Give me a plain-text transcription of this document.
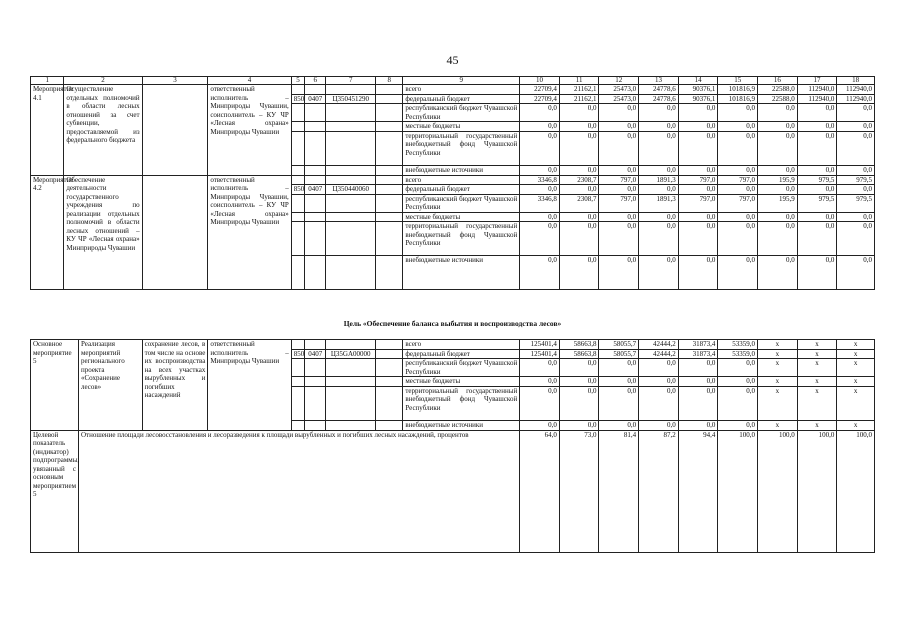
45
1	2	3	4	5	6	7	8	9	10	11	12	13	14	15	16	17	18
Мероприятие 4.1	Осуществление отдельных полномочий в области лесных отношений за счет субвенции, предоставляемой из федерального бюджета		ответственный исполнитель – Минприроды Чувашии, соисполнитель – КУ ЧР «Лесная охрана» Минприроды Чувашии					всего	22709,4	21162,1	25473,0	24778,6	90376,1	101816,9	22588,0	112940,0	112940,0
				850	0407	Ц350451290		федеральный бюджет	22709,4	21162,1	25473,0	24778,6	90376,1	101816,9	22588,0	112940,0	112940,0
								республиканский бюджет Чувашской Республики	0,0	0,0	0,0	0,0	0,0	0,0	0,0	0,0	0,0
								местные бюджеты	0,0	0,0	0,0	0,0	0,0	0,0	0,0	0,0	0,0
								территориальный государственный внебюджетный фонд Чувашской Республики	0,0	0,0	0,0	0,0	0,0	0,0	0,0	0,0	0,0
								внебюджетные источники	0,0	0,0	0,0	0,0	0,0	0,0	0,0	0,0	0,0
Мероприятие 4.2	Обеспечение деятельности государственного учреждения по реализации отдельных полномочий в области лесных отношений – КУ ЧР «Лесная охрана» Минприроды Чувашии		ответственный исполнитель – Минприроды Чувашии, соисполнитель – КУ ЧР «Лесная охрана» Минприроды Чувашии					всего	3346,8	2308,7	797,0	1891,3	797,0	797,0	195,9	979,5	979,5
				850	0407	Ц350440060		федеральный бюджет	0,0	0,0	0,0	0,0	0,0	0,0	0,0	0,0	0,0
								республиканский бюджет Чувашской Республики	3346,8	2308,7	797,0	1891,3	797,0	797,0	195,9	979,5	979,5
								местные бюджеты	0,0	0,0	0,0	0,0	0,0	0,0	0,0	0,0	0,0
								территориальный государственный внебюджетный фонд Чувашской Республики	0,0	0,0	0,0	0,0	0,0	0,0	0,0	0,0	0,0
								внебюджетные источники	0,0	0,0	0,0	0,0	0,0	0,0	0,0	0,0	0,0
Цель «Обеспечение баланса выбытия и воспроизводства лесов»
Основное мероприятие 5	Реализация мероприятий регионального проекта «Сохранение лесов»	сохранение лесов, в том числе на основе их воспроизводства на всех участках вырубленных и погибших насаждений	ответственный исполнитель – Минприроды Чувашии					всего	125401,4	58663,8	58055,7	42444,2	31873,4	53359,0	x	x	x
				850	0407	Ц35GA00000		федеральный бюджет	125401,4	58663,8	58055,7	42444,2	31873,4	53359,0	x	x	x
								республиканский бюджет Чувашской Республики	0,0	0,0	0,0	0,0	0,0	0,0	x	x	x
								местные бюджеты	0,0	0,0	0,0	0,0	0,0	0,0	x	x	x
								территориальный государственный внебюджетный фонд Чувашской Республики	0,0	0,0	0,0	0,0	0,0	0,0	x	x	x
								внебюджетные источники	0,0	0,0	0,0	0,0	0,0	0,0	x	x	x
Целевой показатель (индикатор) подпрограммы, увязанный с основным мероприятием 5	Отношение площади лесовосстановления и лесоразведения к площади вырубленных и погибших лесных насаждений, процентов								64,0	73,0	81,4	87,2	94,4	100,0	100,0	100,0	100,0
